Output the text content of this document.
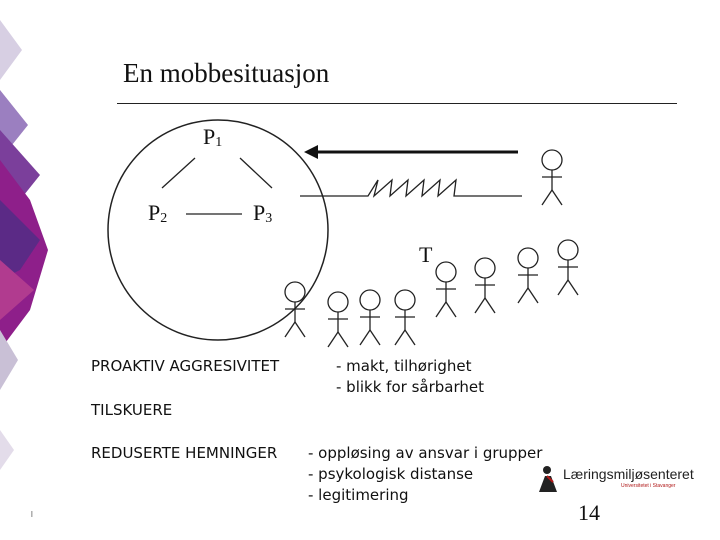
En mobbesituasjon
$P_1$
$P_2$	$P_3$
T
PROAKTIV AGGRESIVITET	- makt, tilhørighet
- blikk for sårbarhet
TILSKUERE
REDUSERTE HEMNINGER - oppløsing av ansvar i grupper
- psykologisk distanse
- legitimering
Læringsmiljøsenteret
Universitetet i Stavanger
14
l
